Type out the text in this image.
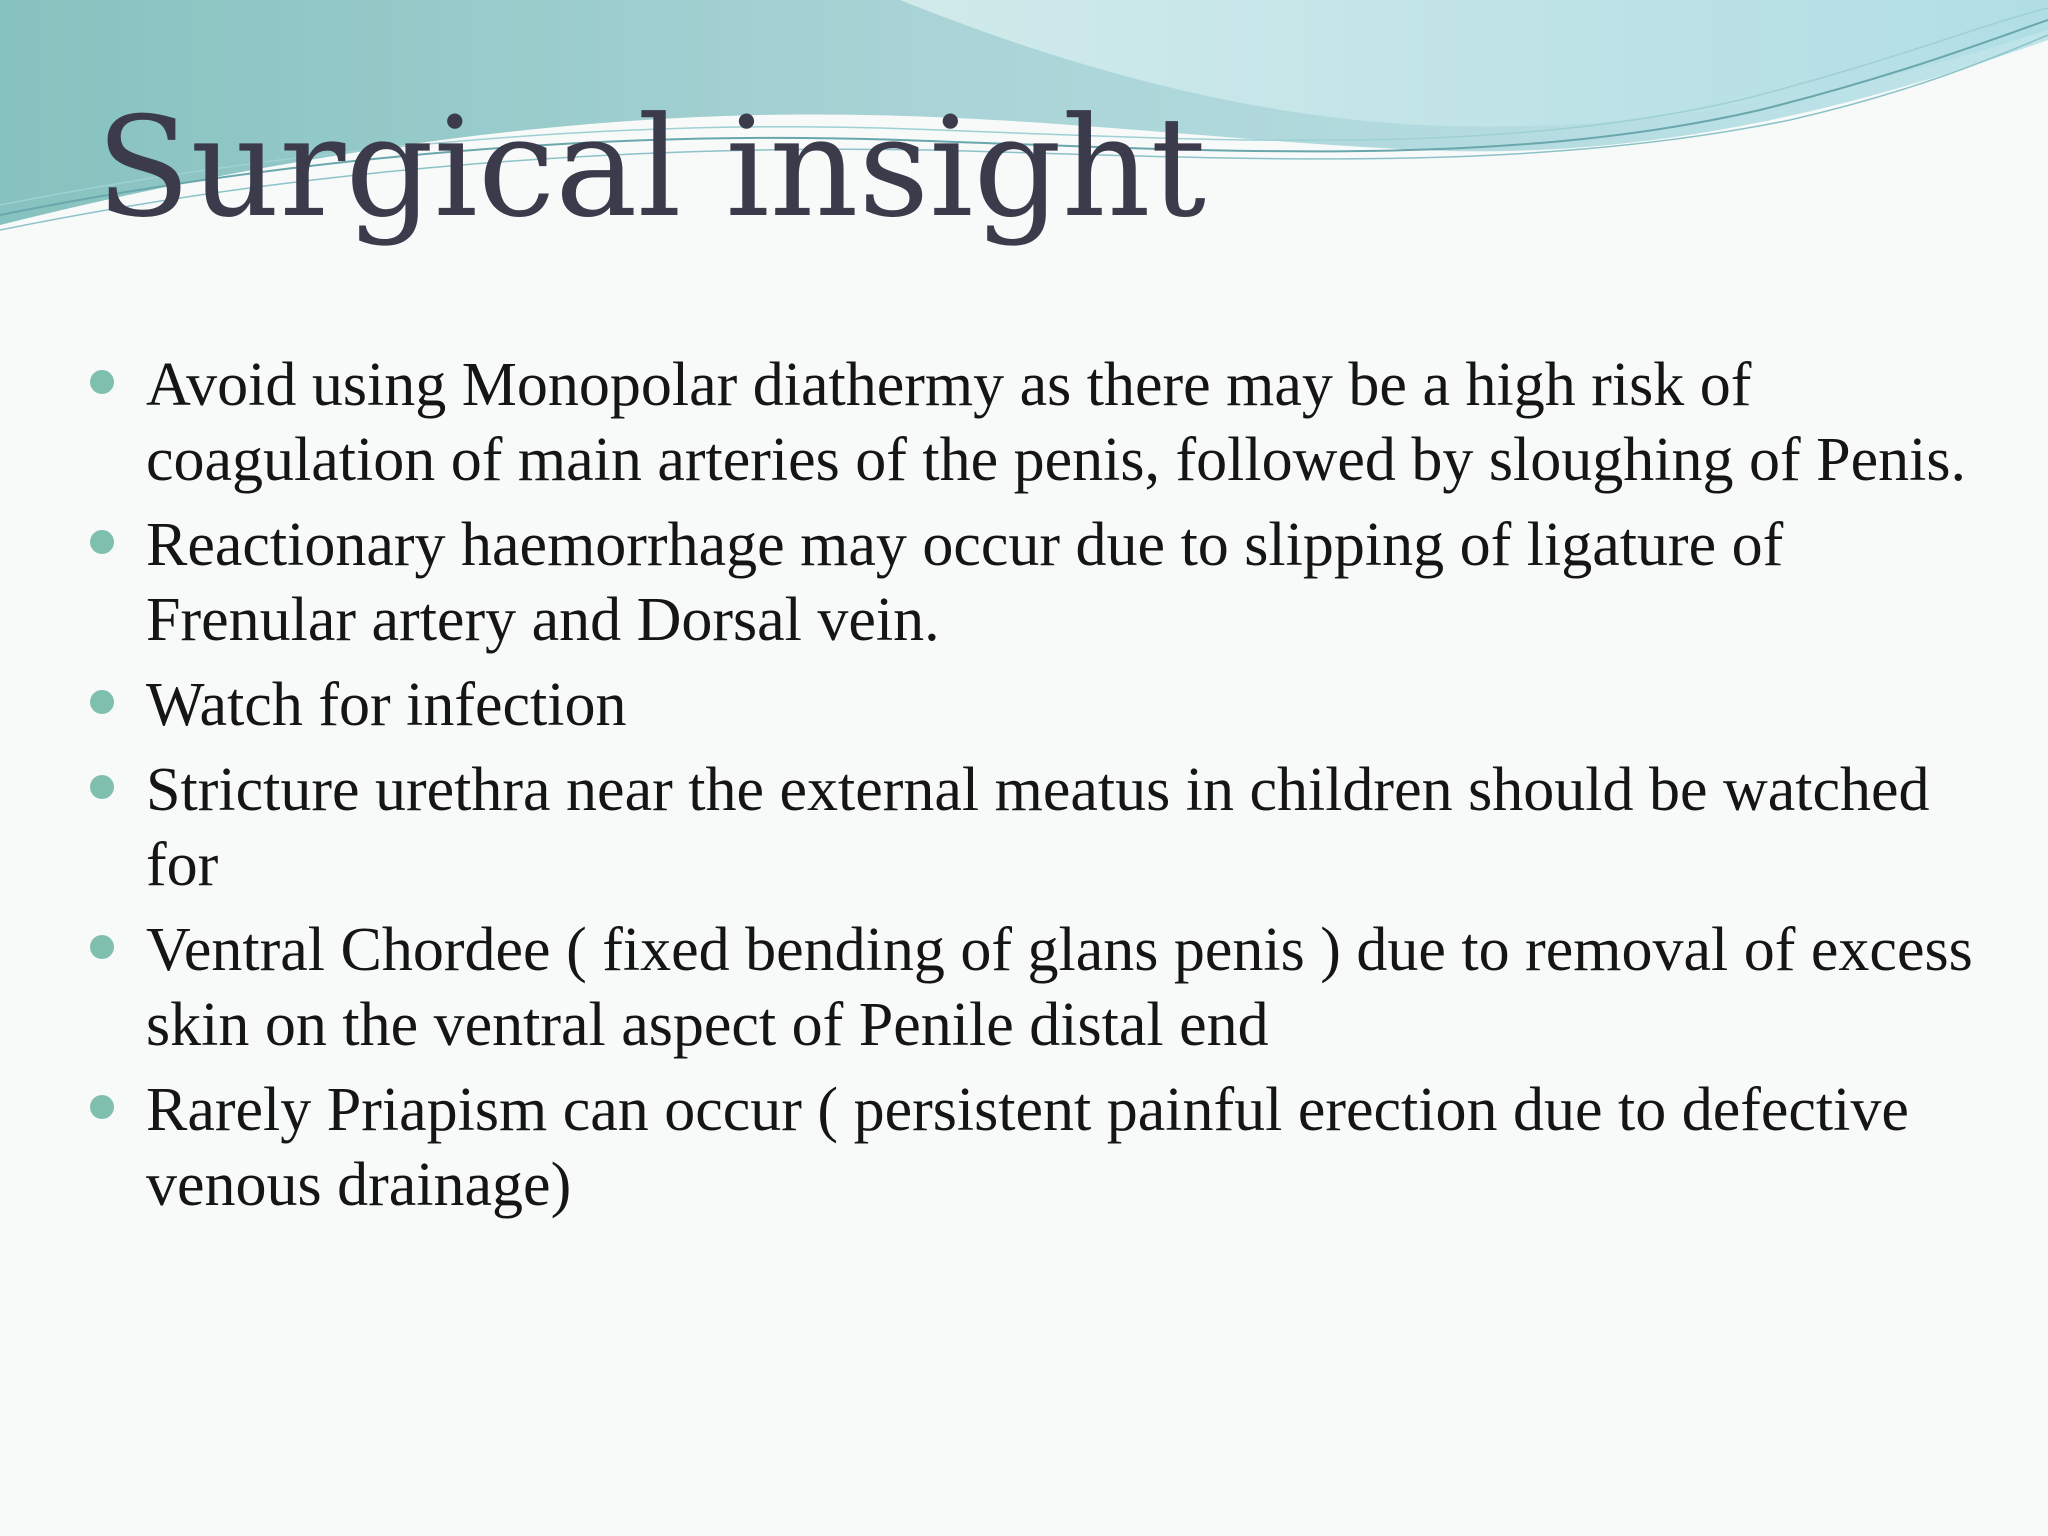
Surgical insight
Avoid using Monopolar diathermy as there may be a high risk of coagulation of main arteries of the penis, followed by sloughing of Penis.
Reactionary haemorrhage may occur due to slipping of ligature of Frenular artery and Dorsal vein.
Watch for infection
Stricture urethra near the external meatus in children should be watched for
Ventral Chordee ( fixed bending of glans penis ) due to removal of excess skin on the ventral aspect of Penile distal end
Rarely Priapism can occur ( persistent painful erection due to defective venous drainage)
